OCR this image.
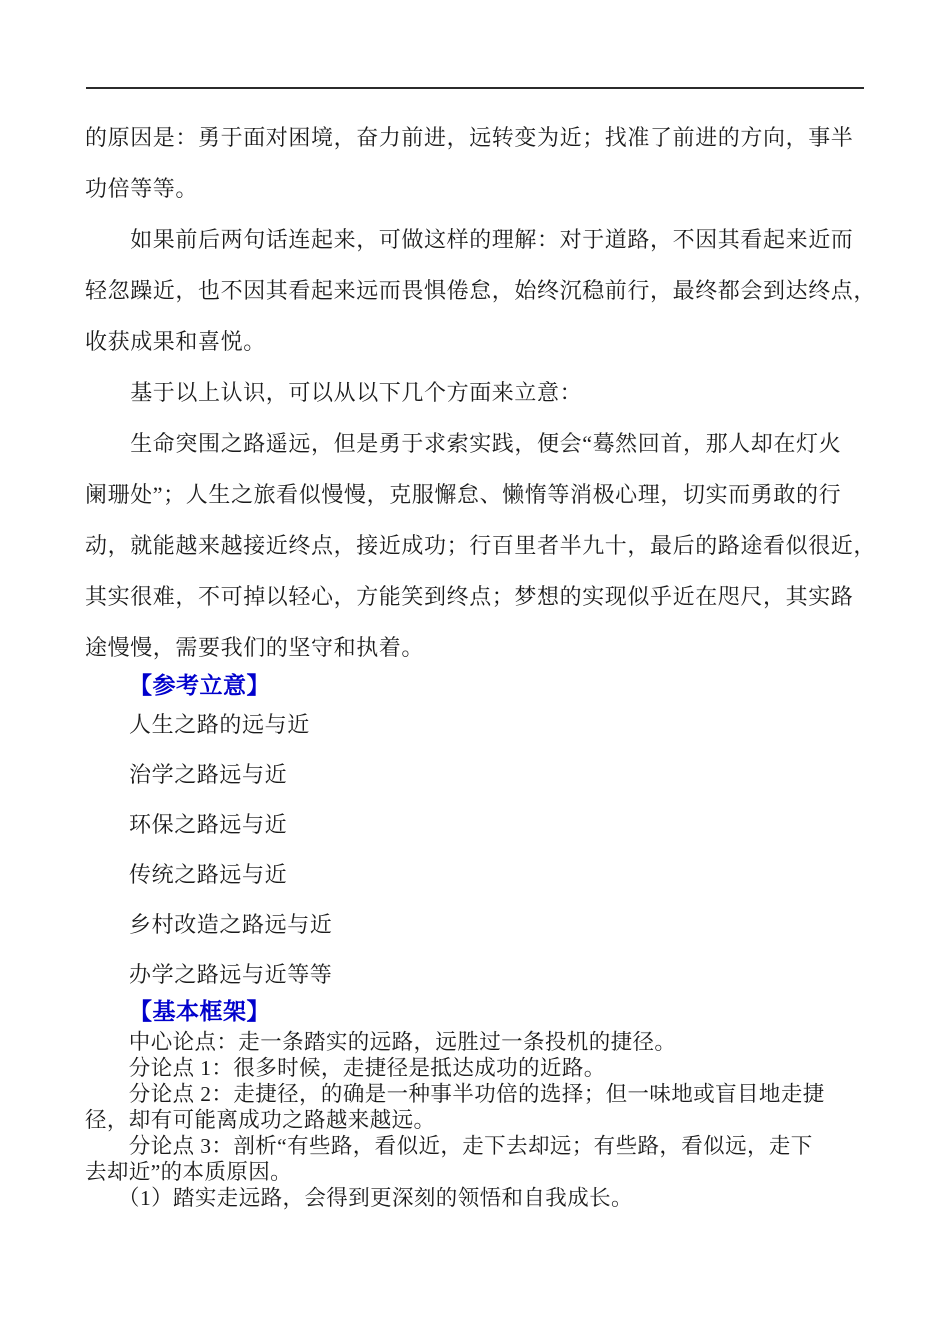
的原因是：勇于面对困境，奋力前进，远转变为近；找准了前进的方向，事半
功倍等等。
　　如果前后两句话连起来，可做这样的理解：对于道路，不因其看起来近而
轻忽躁近，也不因其看起来远而畏惧倦怠，始终沉稳前行，最终都会到达终点，
收获成果和喜悦。
　　基于以上认识，可以从以下几个方面来立意：
　　生命突围之路遥远，但是勇于求索实践，便会“蓦然回首，那人却在灯火
阑珊处”；人生之旅看似慢慢，克服懈怠、懒惰等消极心理，切实而勇敢的行
动，就能越来越接近终点，接近成功；行百里者半九十，最后的路途看似很近，
其实很难，不可掉以轻心，方能笑到终点；梦想的实现似乎近在咫尺，其实路
途慢慢，需要我们的坚守和执着。
【参考立意】
人生之路的远与近
治学之路远与近
环保之路远与近
传统之路远与近
乡村改造之路远与近
办学之路远与近等等
【基本框架】
　　中心论点：走一条踏实的远路，远胜过一条投机的捷径。
　　分论点 1：很多时候，走捷径是抵达成功的近路。
　　分论点 2：走捷径，的确是一种事半功倍的选择；但一味地或盲目地走捷
径，却有可能离成功之路越来越远。
　　分论点 3：剖析“有些路，看似近，走下去却远；有些路，看似远，走下
去却近”的本质原因。
　　（1）踏实走远路，会得到更深刻的领悟和自我成长。
